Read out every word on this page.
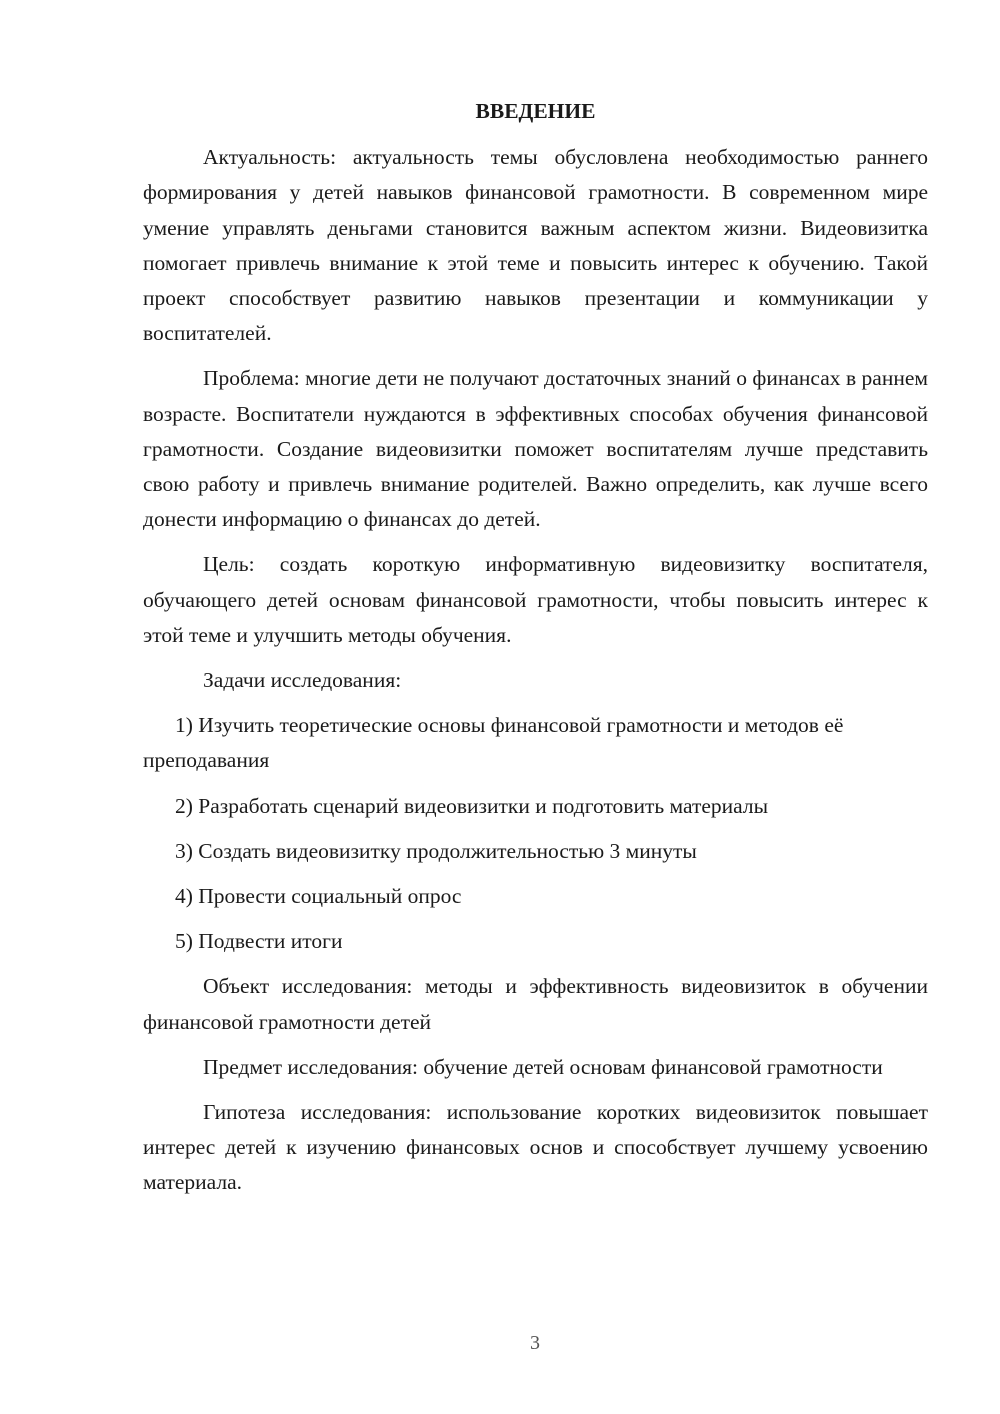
ВВЕДЕНИЕ

Актуальность: актуальность темы обусловлена необходимостью раннего формирования у детей навыков финансовой грамотности. В современном мире умение управлять деньгами становится важным аспектом жизни. Видеовизитка помогает привлечь внимание к этой теме и повысить интерес к обучению. Такой проект способствует развитию навыков презентации и коммуникации у воспитателей.

Проблема: многие дети не получают достаточных знаний о финансах в раннем возрасте. Воспитатели нуждаются в эффективных способах обучения финансовой грамотности. Создание видеовизитки поможет воспитателям лучше представить свою работу и привлечь внимание родителей. Важно определить, как лучше всего донести информацию о финансах до детей.

Цель: создать короткую информативную видеовизитку воспитателя, обучающего детей основам финансовой грамотности, чтобы повысить интерес к этой теме и улучшить методы обучения.

Задачи исследования:

1) Изучить теоретические основы финансовой грамотности и методов её преподавания

2) Разработать сценарий видеовизитки и подготовить материалы

3) Создать видеовизитку продолжительностью 3 минуты

4) Провести социальный опрос

5) Подвести итоги

Объект исследования: методы и эффективность видеовизиток в обучении финансовой грамотности детей

Предмет исследования: обучение детей основам финансовой грамотности

Гипотеза исследования: использование коротких видеовизиток повышает интерес детей к изучению финансовых основ и способствует лучшему усвоению материала.

3
